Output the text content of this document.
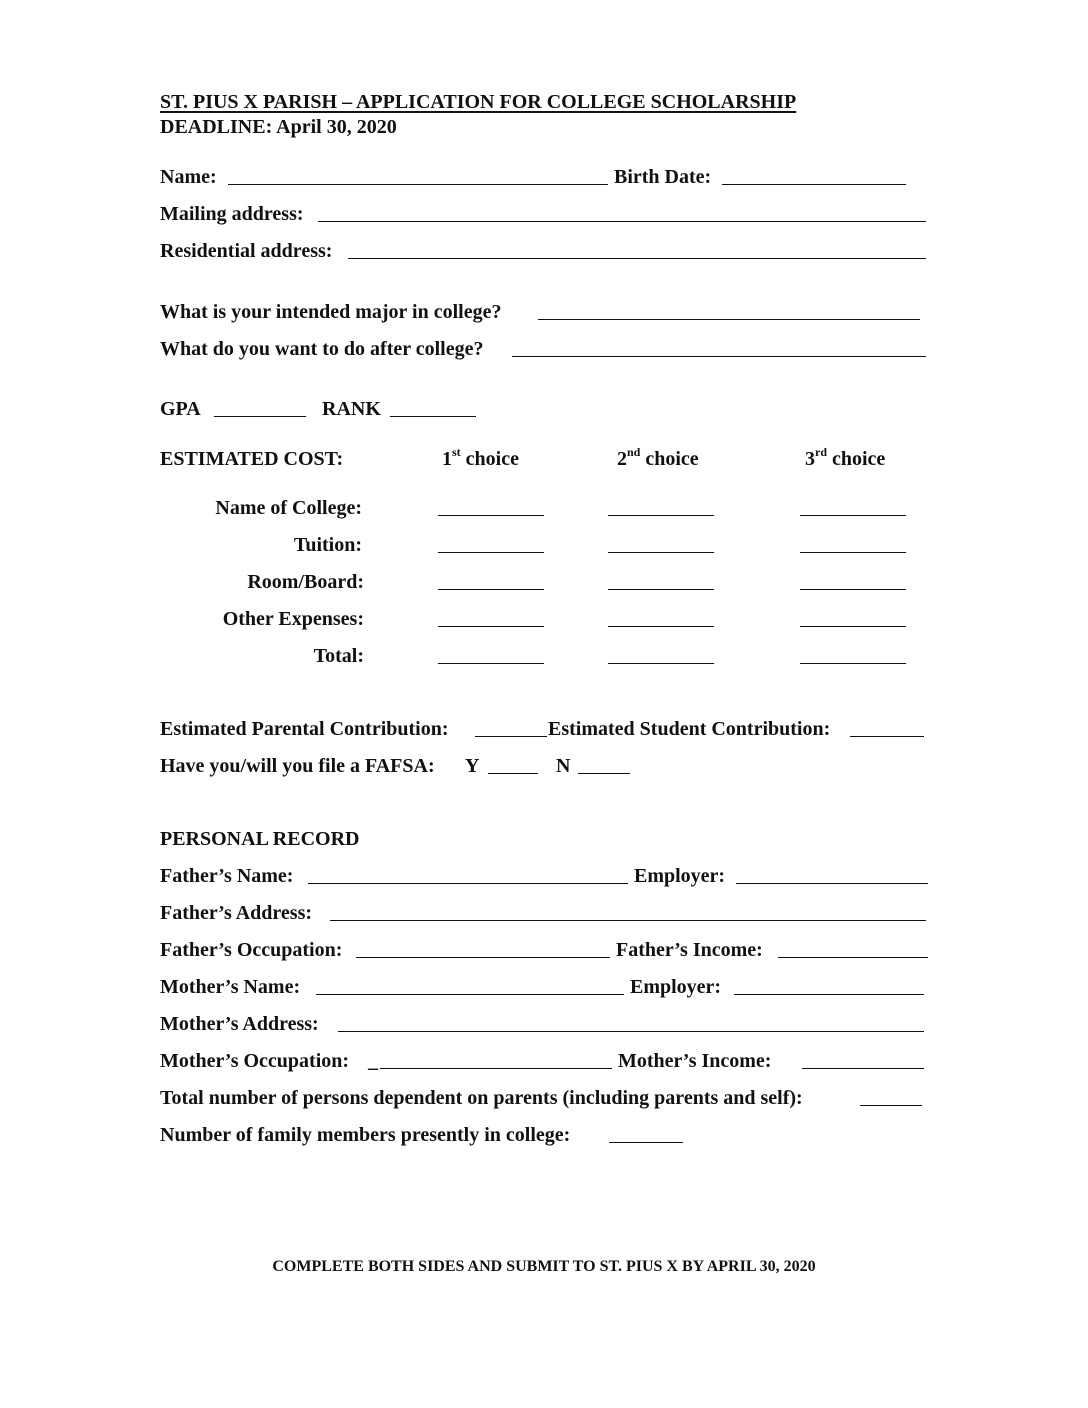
ST. PIUS X PARISH – APPLICATION FOR COLLEGE SCHOLARSHIP
DEADLINE: April 30, 2020
Name:	Birth Date:
Mailing address:
Residential address:
What is your intended major in college?
What do you want to do after college?
GPA	RANK
ESTIMATED COST:	1st choice	2nd choice	3rd choice
Name of College:
Tuition:
Room/Board:
Other Expenses:
Total:
Estimated Parental Contribution:	Estimated Student Contribution:
Have you/will you file a FAFSA: Y	N
PERSONAL RECORD
Father’s Name:	Employer:
Father’s Address:
Father’s Occupation:	Father’s Income:
Mother’s Name:	Employer:
Mother’s Address:
Mother’s Occupation: _	Mother’s Income:
Total number of persons dependent on parents (including parents and self):
Number of family members presently in college:
COMPLETE BOTH SIDES AND SUBMIT TO ST. PIUS X BY APRIL 30, 2020
